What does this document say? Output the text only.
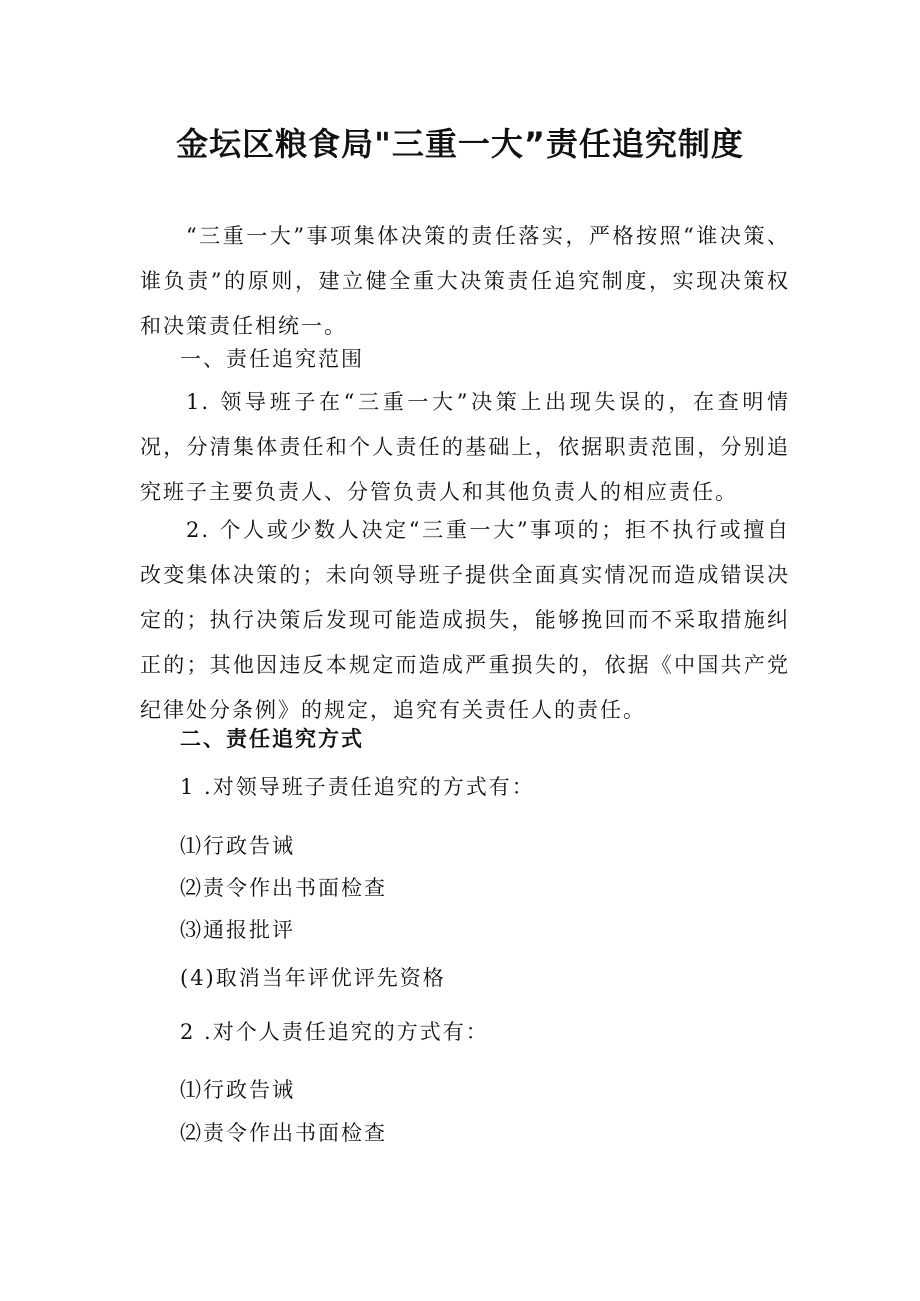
金坛区粮食局"三重一大”责任追究制度

“三重一大”事项集体决策的责任落实，严格按照“谁决策、谁负责”的原则，建立健全重大决策责任追究制度，实现决策权和决策责任相统一。

一、责任追究范围

1. 领导班子在“三重一大”决策上出现失误的，在查明情况，分清集体责任和个人责任的基础上，依据职责范围，分别追究班子主要负责人、分管负责人和其他负责人的相应责任。

2. 个人或少数人决定“三重一大”事项的；拒不执行或擅自改变集体决策的；未向领导班子提供全面真实情况而造成错误决定的；执行决策后发现可能造成损失，能够挽回而不采取措施纠正的；其他因违反本规定而造成严重损失的，依据《中国共产党纪律处分条例》的规定，追究有关责任人的责任。

二、责任追究方式

1 .对领导班子责任追究的方式有：

⑴行政告诫

⑵责令作出书面检查

⑶通报批评

(4)取消当年评优评先资格

2 .对个人责任追究的方式有：

⑴行政告诫

⑵责令作出书面检查
